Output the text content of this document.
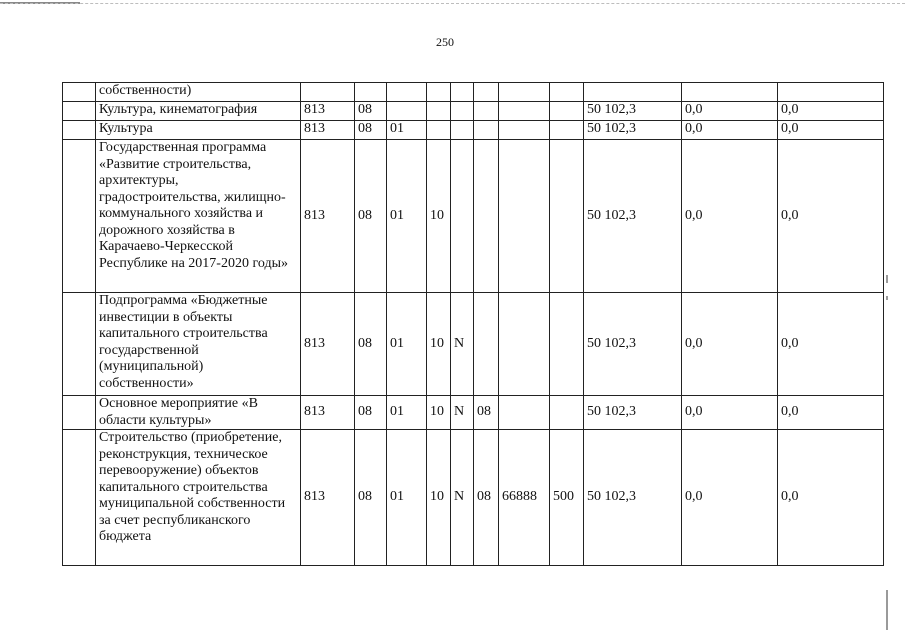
250
	собственности)											
	Культура, кинематография	813	08							50 102,3	0,0	0,0
	Культура	813	08	01						50 102,3	0,0	0,0
	Государственная программа «Развитие строительства, архитектуры, градостроительства, жилищно-коммунального хозяйства и дорожного хозяйства в Карачаево-Черкесской Республике на 2017-2020 годы»	813	08	01	10					50 102,3	0,0	0,0
	Подпрограмма «Бюджетные инвестиции в объекты капитального строительства государственной (муниципальной) собственности»	813	08	01	10	N				50 102,3	0,0	0,0
	Основное мероприятие «В области культуры»	813	08	01	10	N	08			50 102,3	0,0	0,0
	Строительство (приобретение, реконструкция, техническое перевооружение) объектов капитального строительства муниципальной собственности за счет республиканского бюджета	813	08	01	10	N	08	66888	500	50 102,3	0,0	0,0
